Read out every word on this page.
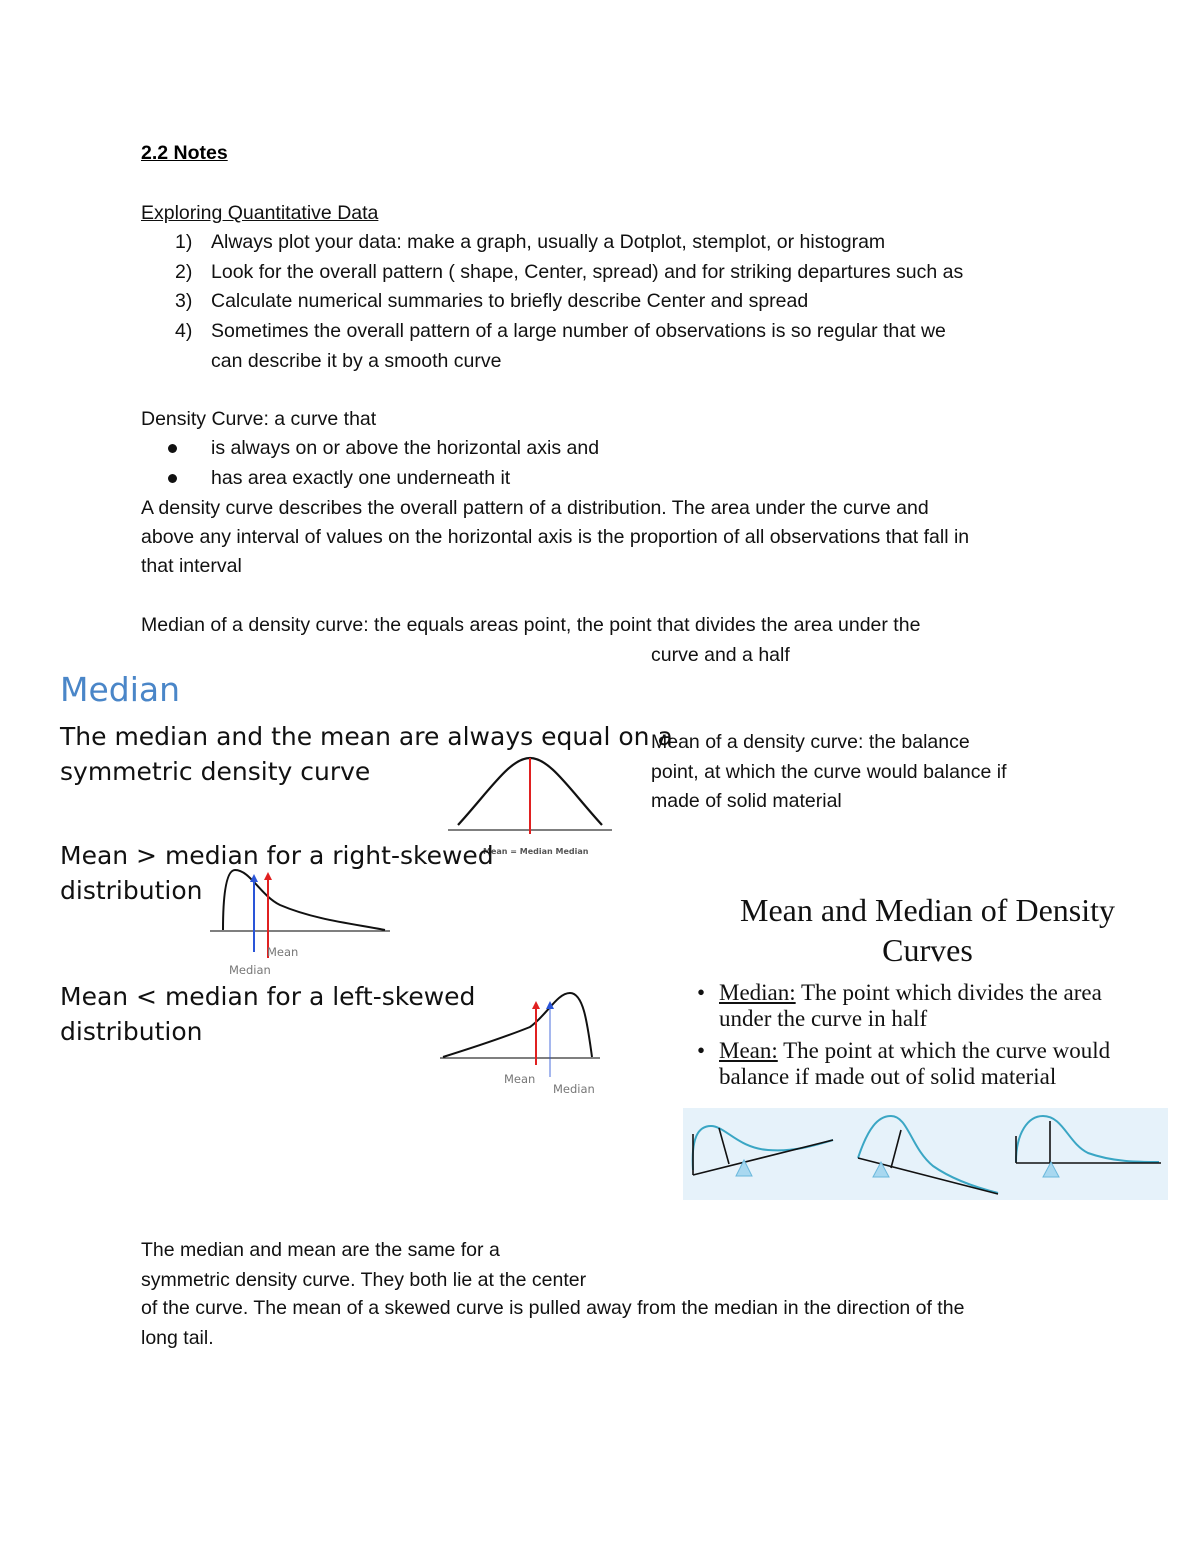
2.2 Notes
Exploring Quantitative Data
1) Always plot your data: make a graph, usually a Dotplot, stemplot, or histogram
2) Look for the overall pattern ( shape, Center, spread) and for striking departures such as
3) Calculate numerical summaries to briefly describe Center and spread
4) Sometimes the overall pattern of a large number of observations is so regular that we
can describe it by a smooth curve
Density Curve: a curve that
is always on or above the horizontal axis and
has area exactly one underneath it
A density curve describes the overall pattern of a distribution. The area under the curve and
above any interval of values on the horizontal axis is the proportion of all observations that fall in
that interval
Median of a density curve: the equals areas point, the point that divides the area under the
curve and a half
Mean of a density curve: the balance
point, at which the curve would balance if
made of solid material
Median
The median and the mean are always equal on a
symmetric density curve
Mean = Median Median
Mean > median for a right-skewed
distribution
Mean
Median
Mean < median for a left-skewed
distribution
Mean
Median
Mean and Median of Density
Curves
• Median: The point which divides the area
under the curve in half
• Mean: The point at which the curve would
balance if made out of solid material
The median and mean are the same for a
symmetric density curve. They both lie at the center
of the curve. The mean of a skewed curve is pulled away from the median in the direction of the
long tail.
